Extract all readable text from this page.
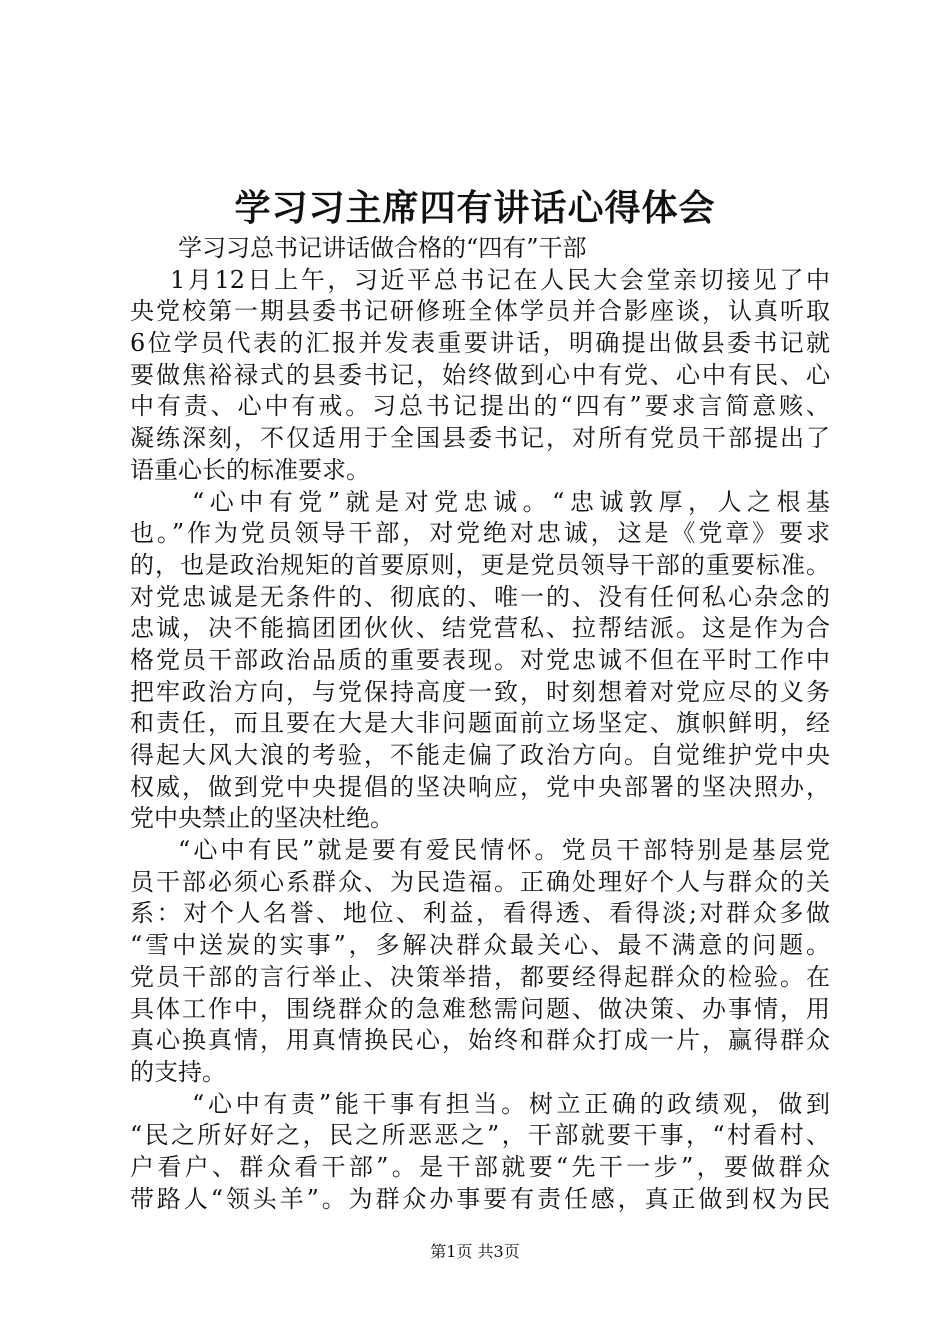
学习习主席四有讲话心得体会
学习习总书记讲话做合格的“四有”干部
1月12日上午，习近平总书记在人民大会堂亲切接见了中
央党校第一期县委书记研修班全体学员并合影座谈，认真听取
6位学员代表的汇报并发表重要讲话，明确提出做县委书记就
要做焦裕禄式的县委书记，始终做到心中有党、心中有民、心
中有责、心中有戒。习总书记提出的“四有”要求言简意赅、
凝练深刻，不仅适用于全国县委书记，对所有党员干部提出了
语重心长的标准要求。
“心中有党”就是对党忠诚。“忠诚敦厚，人之根基
也。”作为党员领导干部，对党绝对忠诚，这是《党章》要求
的，也是政治规矩的首要原则，更是党员领导干部的重要标准。
对党忠诚是无条件的、彻底的、唯一的、没有任何私心杂念的
忠诚，决不能搞团团伙伙、结党营私、拉帮结派。这是作为合
格党员干部政治品质的重要表现。对党忠诚不但在平时工作中
把牢政治方向，与党保持高度一致，时刻想着对党应尽的义务
和责任，而且要在大是大非问题面前立场坚定、旗帜鲜明，经
得起大风大浪的考验，不能走偏了政治方向。自觉维护党中央
权威，做到党中央提倡的坚决响应，党中央部署的坚决照办，
党中央禁止的坚决杜绝。
“心中有民”就是要有爱民情怀。党员干部特别是基层党
员干部必须心系群众、为民造福。正确处理好个人与群众的关
系：对个人名誉、地位、利益，看得透、看得淡;对群众多做
“雪中送炭的实事”，多解决群众最关心、最不满意的问题。
党员干部的言行举止、决策举措，都要经得起群众的检验。在
具体工作中，围绕群众的急难愁需问题、做决策、办事情，用
真心换真情，用真情换民心，始终和群众打成一片，赢得群众
的支持。
“心中有责”能干事有担当。树立正确的政绩观，做到
“民之所好好之，民之所恶恶之”，干部就要干事，“村看村、
户看户、群众看干部”。是干部就要“先干一步”，要做群众
带路人“领头羊”。为群众办事要有责任感，真正做到权为民
第1页 共3页
